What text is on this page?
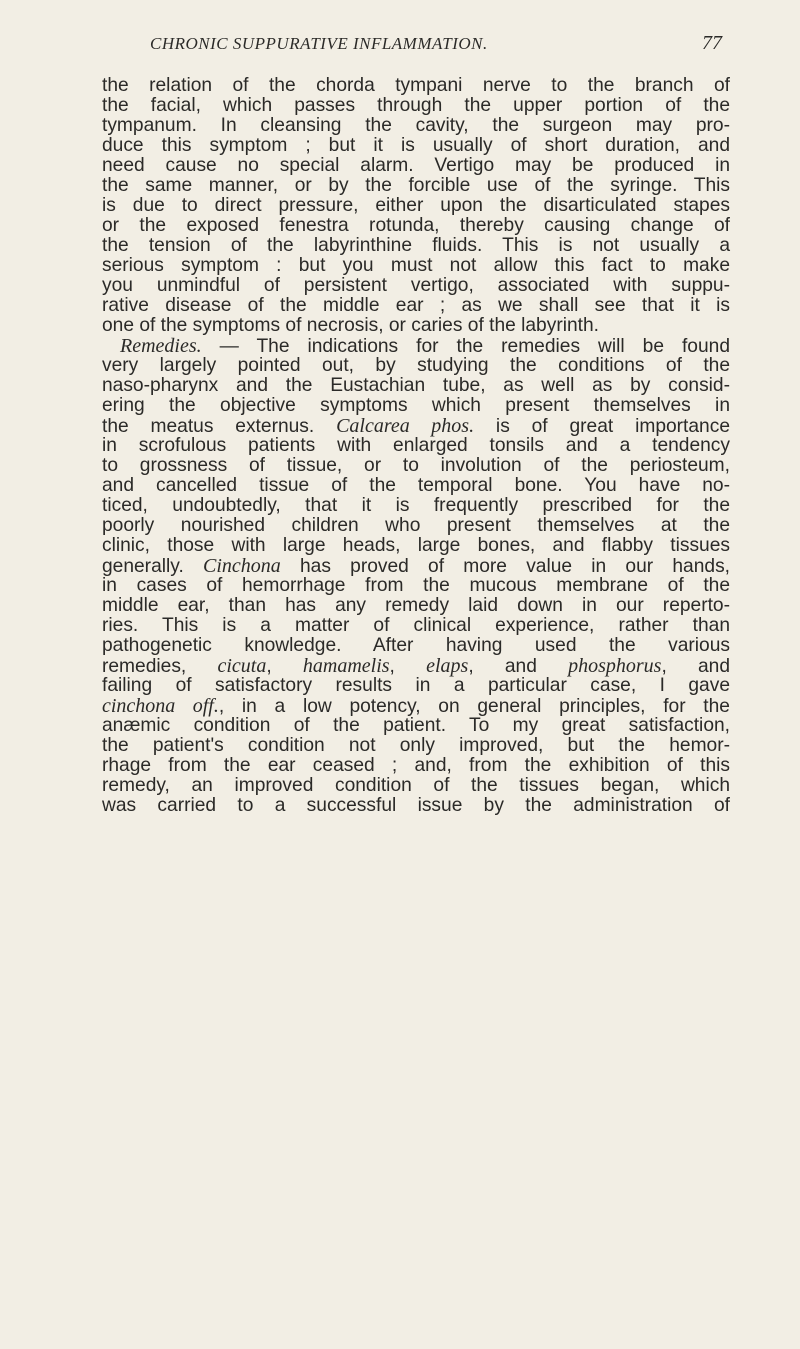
CHRONIC SUPPURATIVE INFLAMMATION.	77
the relation of the chorda tympani nerve to the branch of
the facial, which passes through the upper portion of the
tympanum. In cleansing the cavity, the surgeon may pro-
duce this symptom ; but it is usually of short duration, and
need cause no special alarm. Vertigo may be produced in
the same manner, or by the forcible use of the syringe. This
is due to direct pressure, either upon the disarticulated stapes
or the exposed fenestra rotunda, thereby causing change of
the tension of the labyrinthine fluids. This is not usually a
serious symptom : but you must not allow this fact to make
you unmindful of persistent vertigo, associated with suppu-
rative disease of the middle ear ; as we shall see that it is
one of the symptoms of necrosis, or caries of the labyrinth.
Remedies. — The indications for the remedies will be found
very largely pointed out, by studying the conditions of the
naso-pharynx and the Eustachian tube, as well as by consid-
ering the objective symptoms which present themselves in
the meatus externus. Calcarea phos. is of great importance
in scrofulous patients with enlarged tonsils and a tendency
to grossness of tissue, or to involution of the periosteum,
and cancelled tissue of the temporal bone. You have no-
ticed, undoubtedly, that it is frequently prescribed for the
poorly nourished children who present themselves at the
clinic, those with large heads, large bones, and flabby tissues
generally. Cinchona has proved of more value in our hands,
in cases of hemorrhage from the mucous membrane of the
middle ear, than has any remedy laid down in our reperto-
ries. This is a matter of clinical experience, rather than
pathogenetic knowledge. After having used the various
remedies, cicuta, hamamelis, elaps, and phosphorus, and
failing of satisfactory results in a particular case, I gave
cinchona off., in a low potency, on general principles, for the
anæmic condition of the patient. To my great satisfaction,
the patient's condition not only improved, but the hemor-
rhage from the ear ceased ; and, from the exhibition of this
remedy, an improved condition of the tissues began, which
was carried to a successful issue by the administration of
